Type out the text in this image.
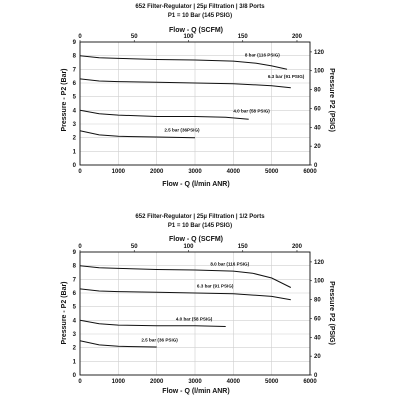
652 Filter-Regulator | 25µ Filtration | 3/8 Ports
P1 = 10 Bar (145 PSIG)
Flow - Q (SCFM)
Flow - Q (l/min ANR)
Pressure - P2 (Bar)	Pressure P2 (PSIG)
0
1
2
3
4
5
6
7
8
9
0	1000	2000	3000	4000	5000	6000
0	50	100	150	200
0
20
40
60
80
100
120
8 bar (116 PSIG)
6.3 bar (91 PSIG)
4.0 bar (58 PSIG)
2.5 bar (36PSIG)
652 Filter-Regulator | 25µ Filtration | 1/2 Ports
P1 = 10 Bar (145 PSIG)
Flow - Q (SCFM)
Flow - Q (l/min ANR)
Pressure - P2 (Bar)	Pressure P2 (PSIG)
0
1
2
3
4
5
6
7
8
9
0	1000	2000	3000	4000	5000	6000
0	50	100	150	200
0
20
40
60
80
100
120
8.0 bar (116 PSIG)
6.3 bar (91 PSIG)
4.0 bar (58 PSIG)
2.5 bar (36 PSIG)
